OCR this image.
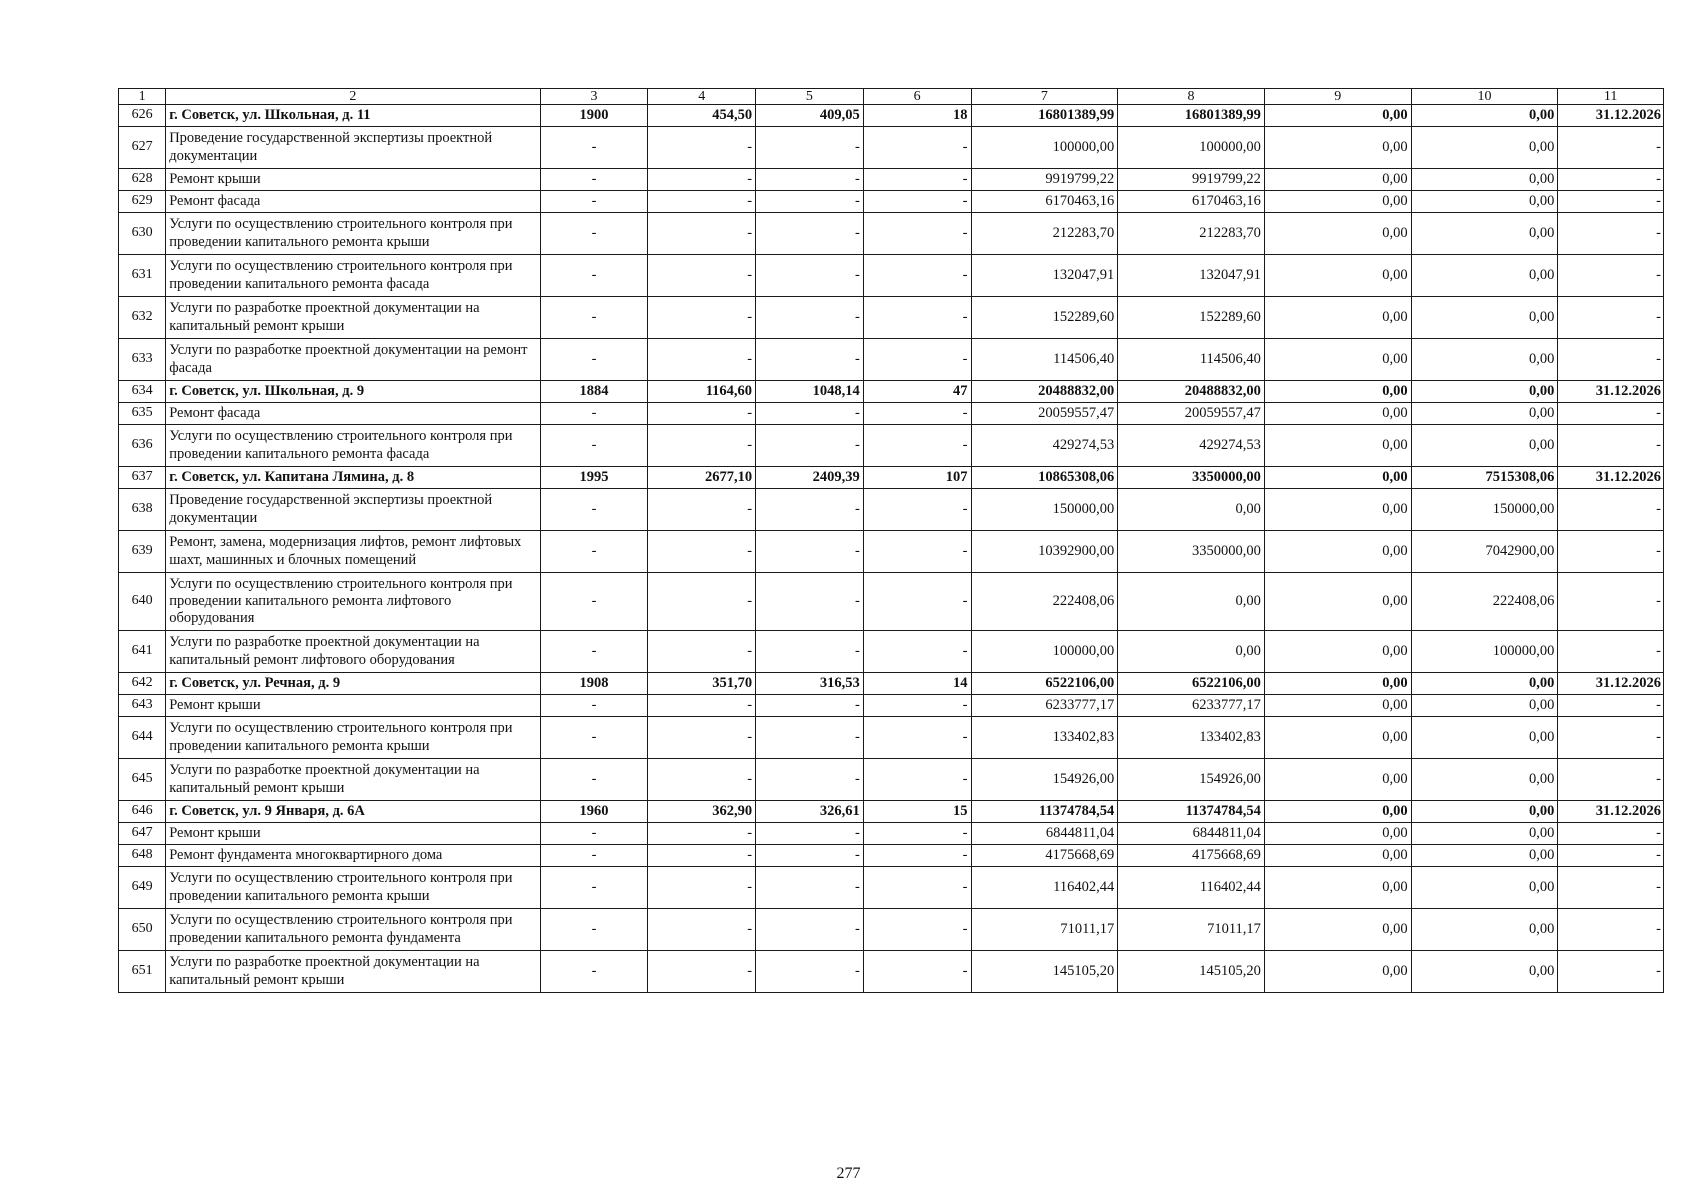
1	2	3	4	5	6	7	8	9	10	11
626	г. Советск, ул. Школьная, д. 11	1900	454,50	409,05	18	16801389,99	16801389,99	0,00	0,00	31.12.2026
627	Проведение государственной экспертизы проектной документации	-	-	-	-	100000,00	100000,00	0,00	0,00	-
628	Ремонт крыши	-	-	-	-	9919799,22	9919799,22	0,00	0,00	-
629	Ремонт фасада	-	-	-	-	6170463,16	6170463,16	0,00	0,00	-
630	Услуги по осуществлению строительного контроля при проведении капитального ремонта крыши	-	-	-	-	212283,70	212283,70	0,00	0,00	-
631	Услуги по осуществлению строительного контроля при проведении капитального ремонта фасада	-	-	-	-	132047,91	132047,91	0,00	0,00	-
632	Услуги по разработке проектной документации на капитальный ремонт крыши	-	-	-	-	152289,60	152289,60	0,00	0,00	-
633	Услуги по разработке проектной документации на ремонт фасада	-	-	-	-	114506,40	114506,40	0,00	0,00	-
634	г. Советск, ул. Школьная, д. 9	1884	1164,60	1048,14	47	20488832,00	20488832,00	0,00	0,00	31.12.2026
635	Ремонт фасада	-	-	-	-	20059557,47	20059557,47	0,00	0,00	-
636	Услуги по осуществлению строительного контроля при проведении капитального ремонта фасада	-	-	-	-	429274,53	429274,53	0,00	0,00	-
637	г. Советск, ул. Капитана Лямина, д. 8	1995	2677,10	2409,39	107	10865308,06	3350000,00	0,00	7515308,06	31.12.2026
638	Проведение государственной экспертизы проектной документации	-	-	-	-	150000,00	0,00	0,00	150000,00	-
639	Ремонт, замена, модернизация лифтов, ремонт лифтовых шахт, машинных и блочных помещений	-	-	-	-	10392900,00	3350000,00	0,00	7042900,00	-
640	Услуги по осуществлению строительного контроля при проведении капитального ремонта лифтового оборудования	-	-	-	-	222408,06	0,00	0,00	222408,06	-
641	Услуги по разработке проектной документации на капитальный ремонт лифтового оборудования	-	-	-	-	100000,00	0,00	0,00	100000,00	-
642	г. Советск, ул. Речная, д. 9	1908	351,70	316,53	14	6522106,00	6522106,00	0,00	0,00	31.12.2026
643	Ремонт крыши	-	-	-	-	6233777,17	6233777,17	0,00	0,00	-
644	Услуги по осуществлению строительного контроля при проведении капитального ремонта крыши	-	-	-	-	133402,83	133402,83	0,00	0,00	-
645	Услуги по разработке проектной документации на капитальный ремонт крыши	-	-	-	-	154926,00	154926,00	0,00	0,00	-
646	г. Советск, ул. 9 Января, д. 6А	1960	362,90	326,61	15	11374784,54	11374784,54	0,00	0,00	31.12.2026
647	Ремонт крыши	-	-	-	-	6844811,04	6844811,04	0,00	0,00	-
648	Ремонт фундамента многоквартирного дома	-	-	-	-	4175668,69	4175668,69	0,00	0,00	-
649	Услуги по осуществлению строительного контроля при проведении капитального ремонта крыши	-	-	-	-	116402,44	116402,44	0,00	0,00	-
650	Услуги по осуществлению строительного контроля при проведении капитального ремонта фундамента	-	-	-	-	71011,17	71011,17	0,00	0,00	-
651	Услуги по разработке проектной документации на капитальный ремонт крыши	-	-	-	-	145105,20	145105,20	0,00	0,00	-
277
